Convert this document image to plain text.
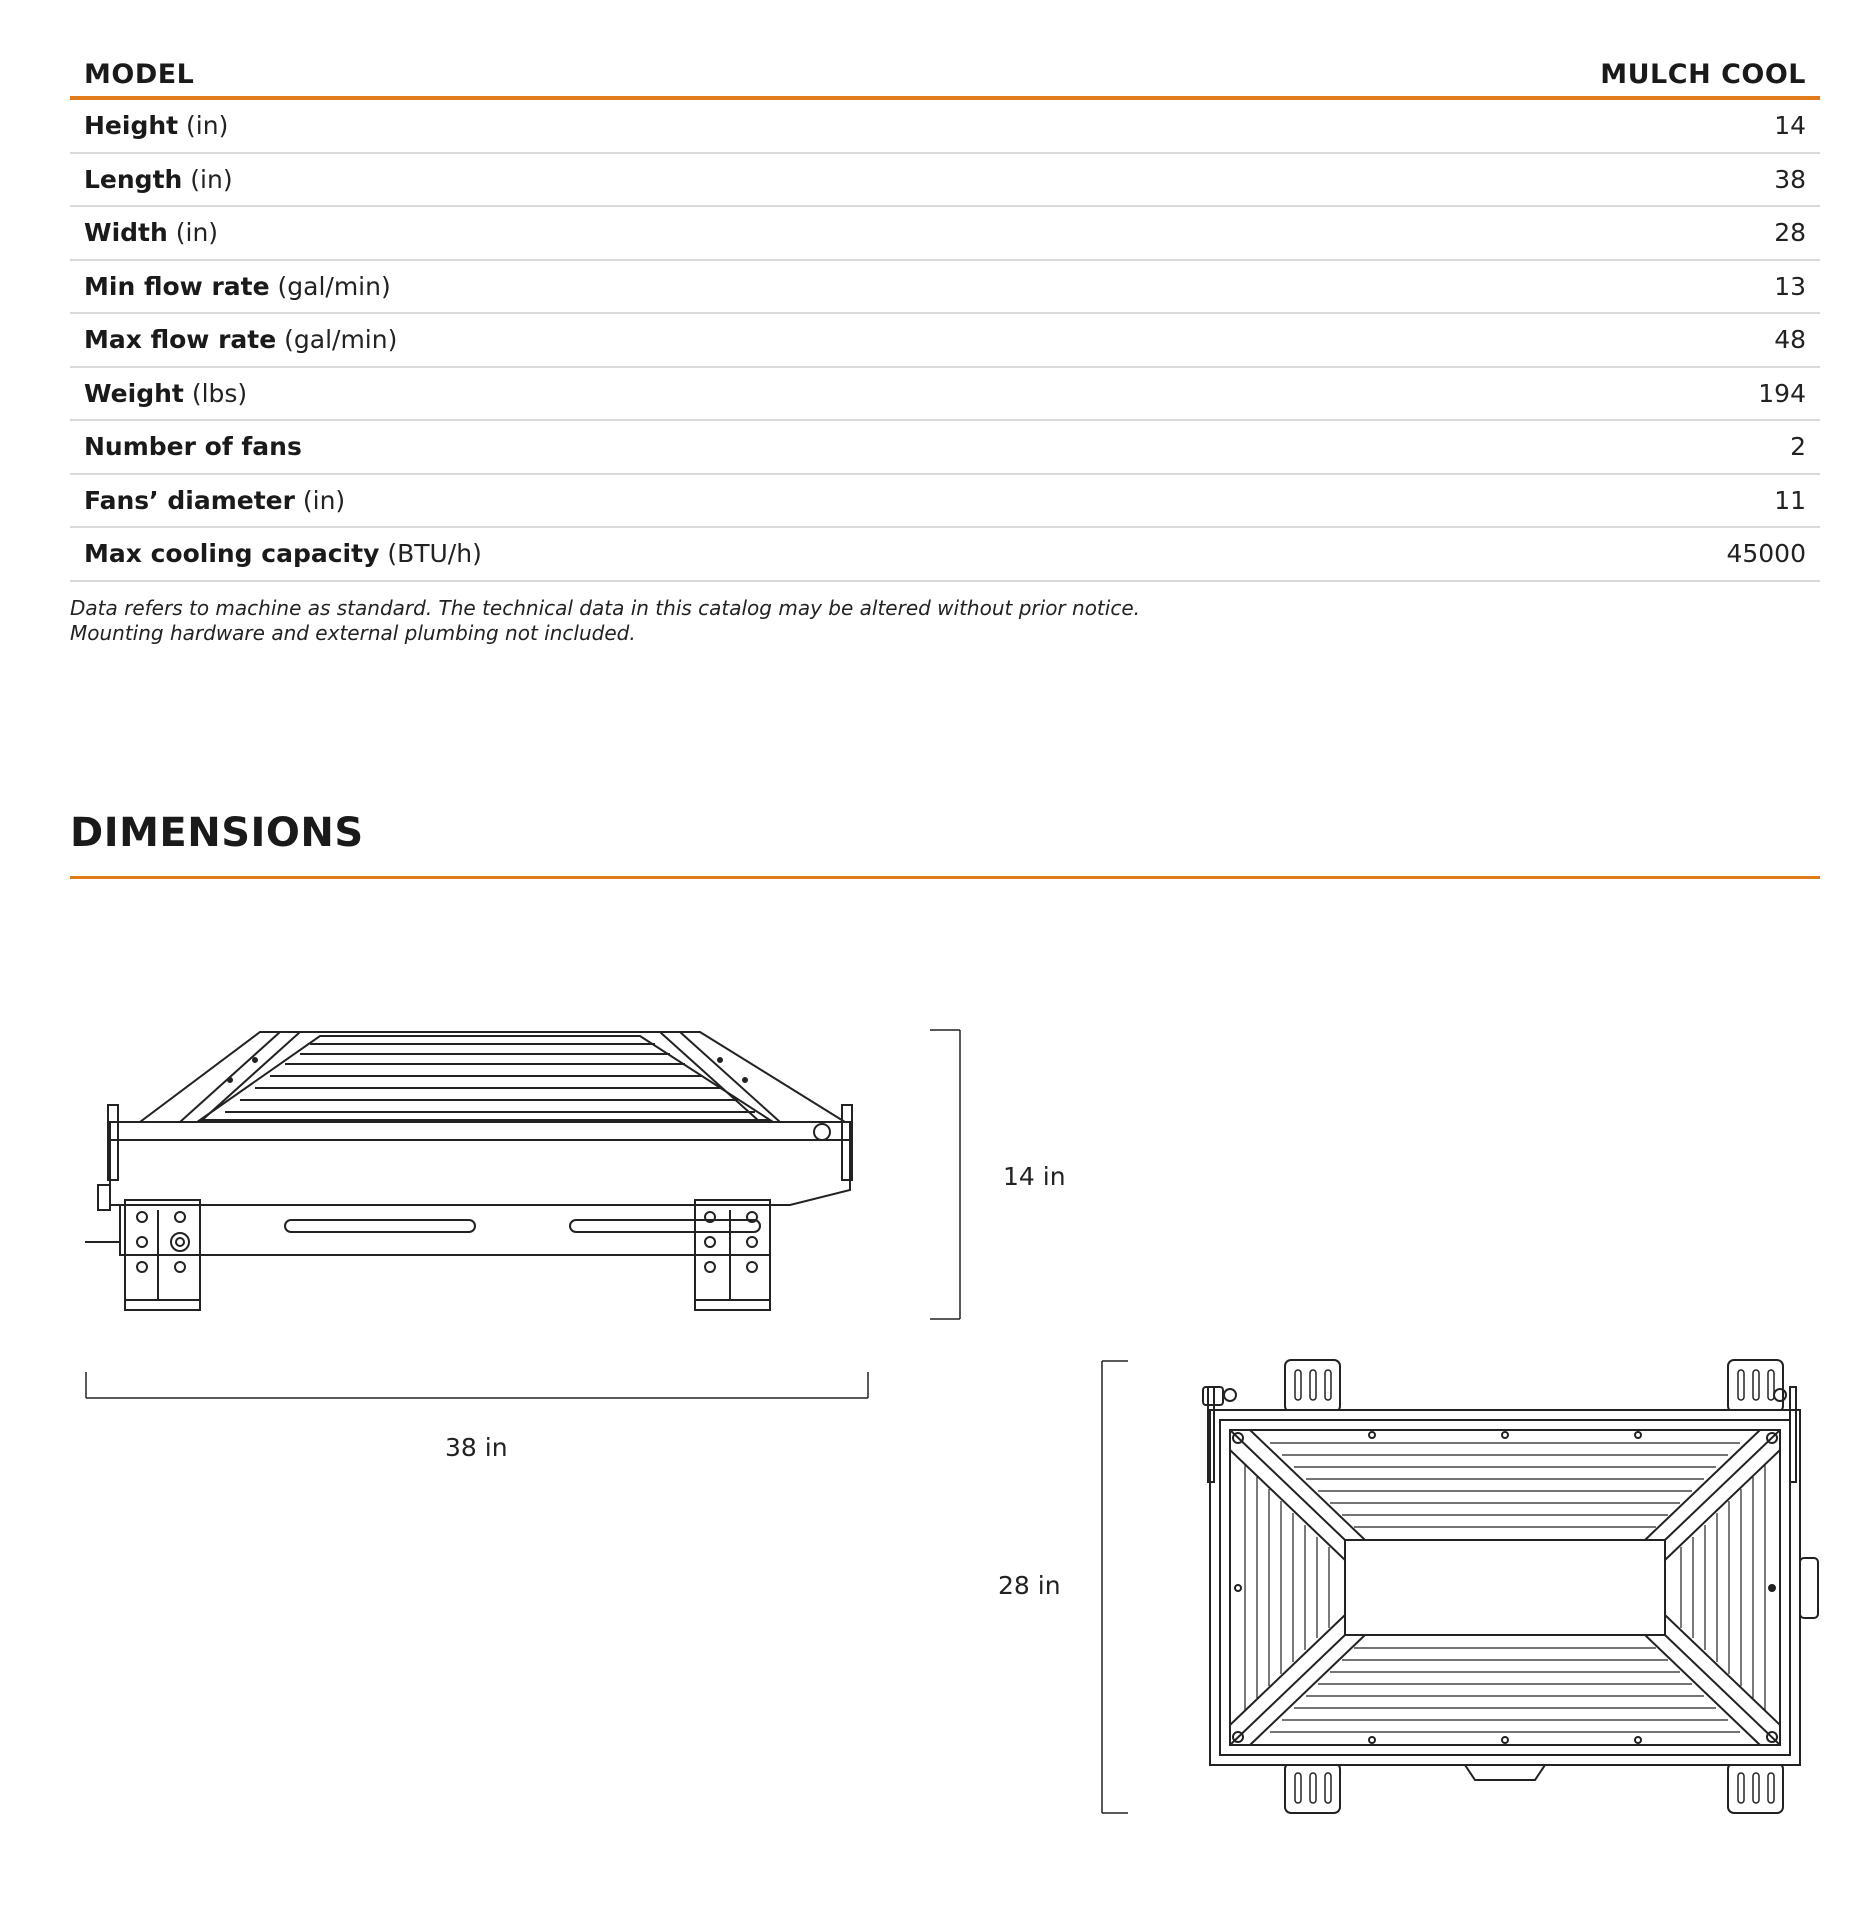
MODEL	MULCH COOL
Height (in)	14
Length (in)	38
Width (in)	28
Min flow rate (gal/min)	13
Max flow rate (gal/min)	48
Weight (lbs)	194
Number of fans	2
Fans’ diameter (in)	11
Max cooling capacity (BTU/h)	45000
Data refers to machine as standard. The technical data in this catalog may be altered without prior notice.
Mounting hardware and external plumbing not included.
DIMENSIONS
14 in
38 in
28 in
